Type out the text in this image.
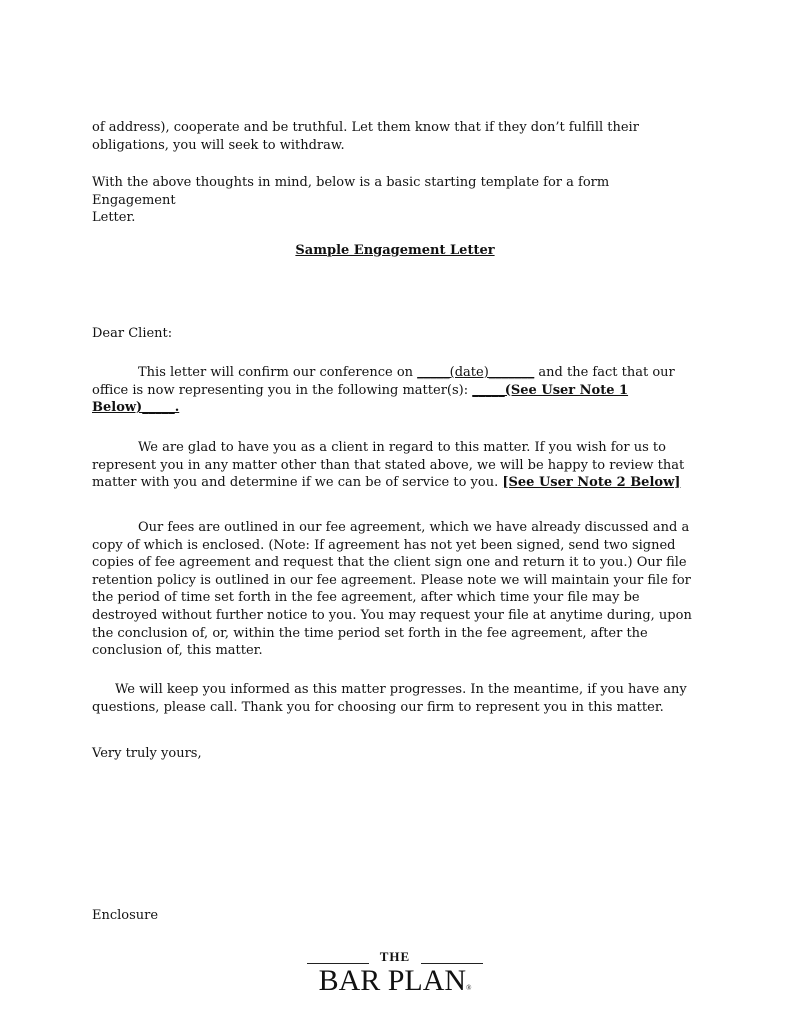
of address), cooperate and be truthful. Let them know that if they don’t fulfill their
obligations, you will seek to withdraw.

With the above thoughts in mind, below is a basic starting template for a form Engagement
Letter.

Sample Engagement Letter

Dear Client:

This letter will confirm our conference on _____(date)_______ and the fact that our
office is now representing you in the following matter(s): _____(See User Note 1
Below)_____.

We are glad to have you as a client in regard to this matter. If you wish for us to
represent you in any matter other than that stated above, we will be happy to review that
matter with you and determine if we can be of service to you. [See User Note 2 Below]

Our fees are outlined in our fee agreement, which we have already discussed and a
copy of which is enclosed. (Note: If agreement has not yet been signed, send two signed
copies of fee agreement and request that the client sign one and return it to you.) Our file
retention policy is outlined in our fee agreement. Please note we will maintain your file for
the period of time set forth in the fee agreement, after which time your file may be
destroyed without further notice to you. You may request your file at anytime during, upon
the conclusion of, or, within the time period set forth in the fee agreement, after the
conclusion of, this matter.

We will keep you informed as this matter progresses. In the meantime, if you have any
questions, please call. Thank you for choosing our firm to represent you in this matter.

Very truly yours,

Enclosure

THE
BAR PLAN®
